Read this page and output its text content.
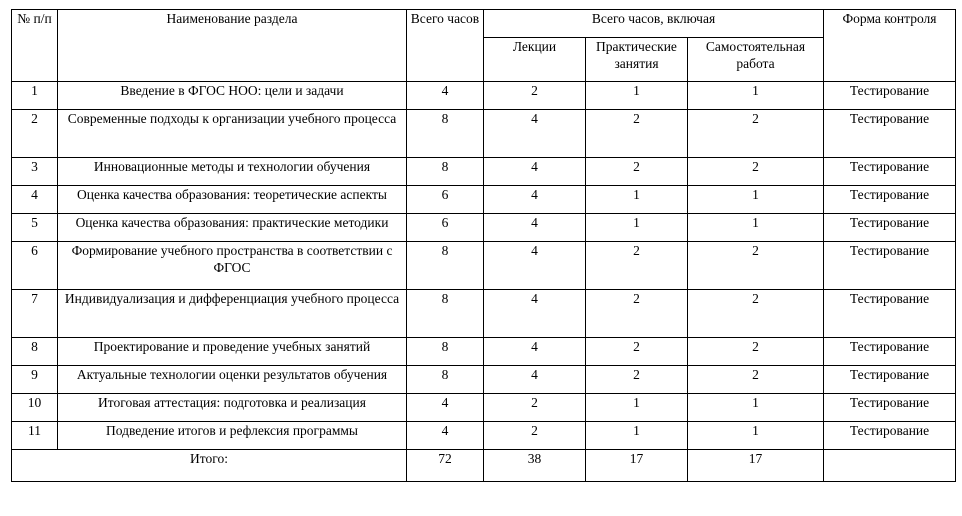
№ п/п	Наименование раздела	Всего часов	Всего часов, включая			Форма контроля
			Лекции	Практические занятия	Самостоятельная работа	
1	Введение в ФГОС НОО: цели и задачи	4	2	1	1	Тестирование
2	Современные подходы к организации учебного процесса	8	4	2	2	Тестирование
3	Инновационные методы и технологии обучения	8	4	2	2	Тестирование
4	Оценка качества образования: теоретические аспекты	6	4	1	1	Тестирование
5	Оценка качества образования: практические методики	6	4	1	1	Тестирование
6	Формирование учебного пространства в соответствии с ФГОС	8	4	2	2	Тестирование
7	Индивидуализация и дифференциация учебного процесса	8	4	2	2	Тестирование
8	Проектирование и проведение учебных занятий	8	4	2	2	Тестирование
9	Актуальные технологии оценки результатов обучения	8	4	2	2	Тестирование
10	Итоговая аттестация: подготовка и реализация	4	2	1	1	Тестирование
11	Подведение итогов и рефлексия программы	4	2	1	1	Тестирование
Итого:		72	38	17	17	
